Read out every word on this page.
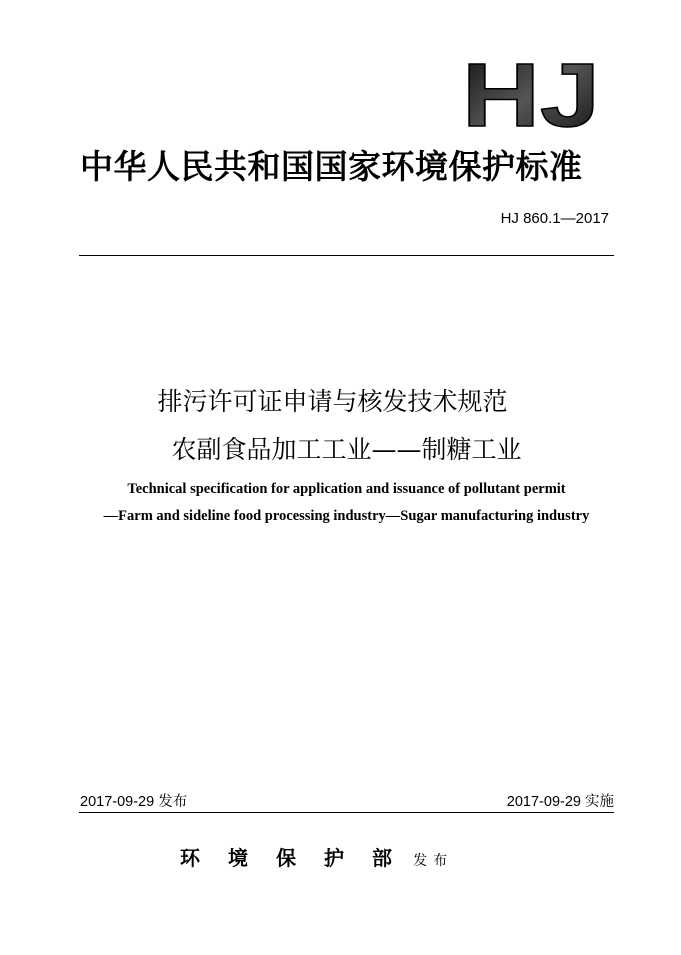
HJ
中华人民共和国国家环境保护标准
HJ 860.1—2017
排污许可证申请与核发技术规范
农副食品加工工业——制糖工业
Technical specification for application and issuance of pollutant permit
—Farm and sideline food processing industry—Sugar manufacturing industry
2017-09-29 发布	2017-09-29 实施
环境保护部 发布
